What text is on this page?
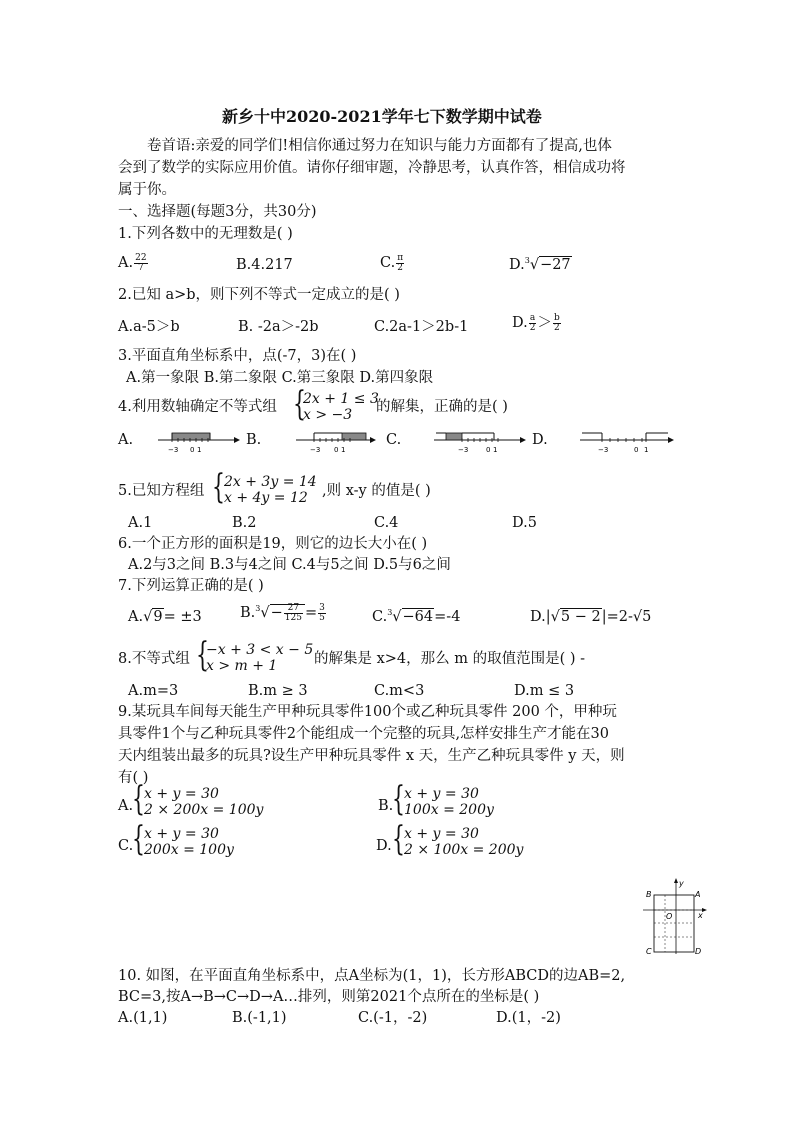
新乡十中2020-2021学年七下数学期中试卷
卷首语:亲爱的同学们!相信你通过努力在知识与能力方面都有了提高,也体
会到了数学的实际应用价值。请你仔细审题，冷静思考，认真作答，相信成功将
属于你。
一、选择题(每题3分，共30分)
1.下列各数中的无理数是( )
A. $\frac{22}{7}$	B.4.217	C. $\frac{\pi}{2}$	D.$^3$√−27
2.已知 a>b，则下列不等式一定成立的是( )
A.a-5＞b	B. -2a＞-2b	C.2a-1＞2b-1	D. $\frac{a}{2} > \frac{b}{2}$
3.平面直角坐标系中，点(-7，3)在( )
A.第一象限 B.第二象限 C.第三象限 D.第四象限
4.利用数轴确定不等式组 {
2x + 1 ≤ 3
x > −3 的解集，正确的是( )
A.	B.	C.	D.
−3 0 1	−3 0 1	−3	0 1	−3	0 1
5.已知方程组 { 2x + 3y = 14
x + 4y = 12 ,则 x-y 的值是( )
A.1	B.2	C.4	D.5
6.一个正方形的面积是19，则它的边长大小在( )
A.2与3之间 B.3与4之间 C.4与5之间 D.5与6之间
7.下列运算正确的是( )
A.√9= ±3	$B.^3√- \frac{27}{125} = \frac{3}{5}$	C.$^3$√−64=-4	D.|√5 − 2|=2-√5
8.不等式组 {
−x + 3 < x − 5
x > m + 1	的解集是 x>4，那么 m 的取值范围是( ) -
A.m=3	B.m ≥ 3	C.m<3	D.m ≤ 3
9.某玩具车间每天能生产甲种玩具零件100个或乙种玩具零件 200 个，甲种玩
具零件1个与乙种玩具零件2个能组成一个完整的玩具,怎样安排生产才能在30
天内组装出最多的玩具?设生产甲种玩具零件 x 天，生产乙种玩具零件 y 天，则
有( )
A.
{ x + y = 30
2 × 200x = 100y	B.
{ x + y = 30
100x = 200y
C.
{ x + y = 30
200x = 100y	D. { x + y = 30
2 × 100x = 200y
B	A
C	D
O	x
y
10. 如图，在平面直角坐标系中，点A坐标为(1，1)，长方形ABCD的边AB=2,
BC=3,按A→B→C→D→A…排列，则第2021个点所在的坐标是( )
A.(1,1)	B.(-1,1)	C.(-1，-2)	D.(1，-2)
